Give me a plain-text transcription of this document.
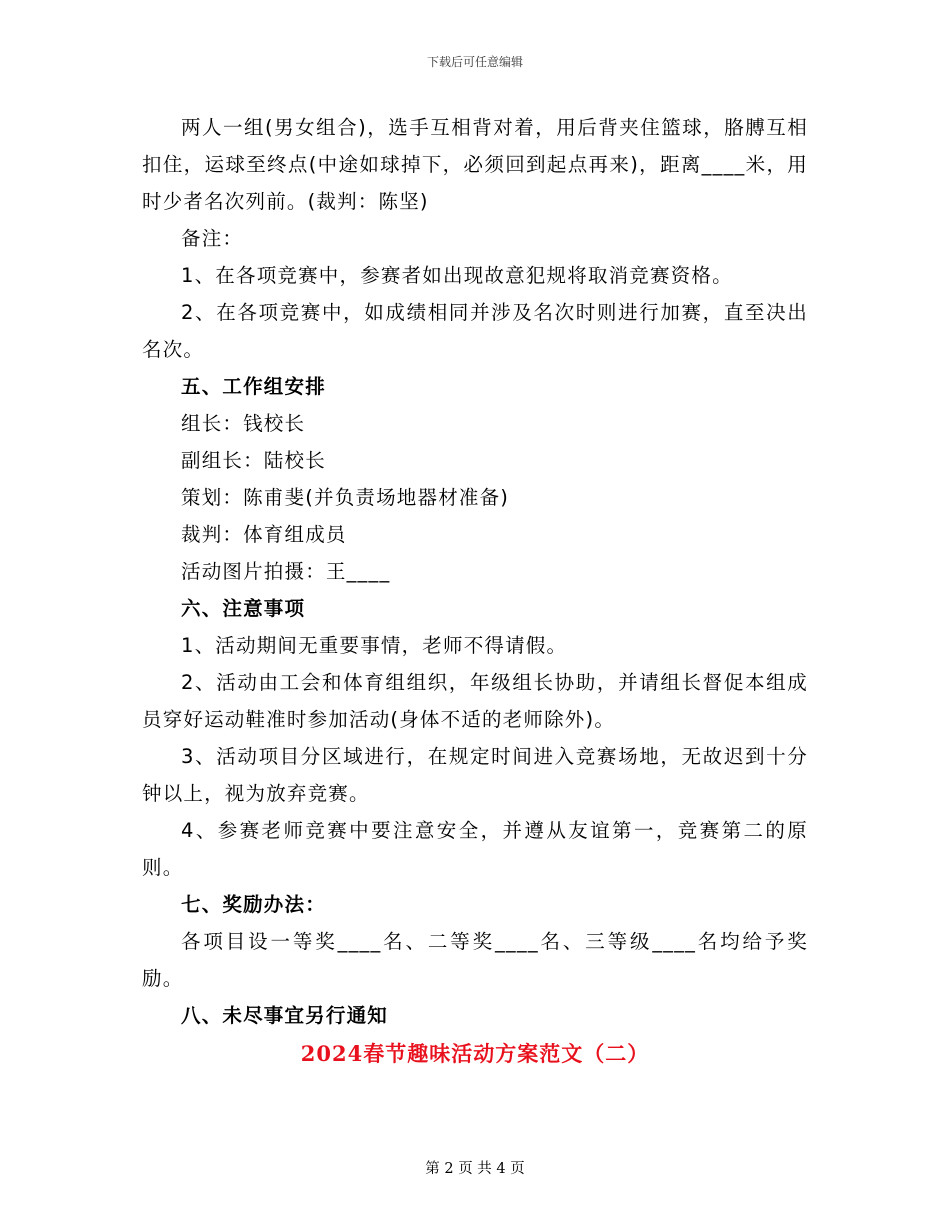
下载后可任意编辑

两人一组(男女组合)，选手互相背对着，用后背夹住篮球，胳膊互相扣住，运球至终点(中途如球掉下，必须回到起点再来)，距离____米，用时少者名次列前。(裁判：陈坚)

备注：

1、在各项竞赛中，参赛者如出现故意犯规将取消竞赛资格。

2、在各项竞赛中，如成绩相同并涉及名次时则进行加赛，直至决出名次。

五、工作组安排

组长：钱校长

副组长：陆校长

策划：陈甫斐(并负责场地器材准备)

裁判：体育组成员

活动图片拍摄：王____

六、注意事项

1、活动期间无重要事情，老师不得请假。

2、活动由工会和体育组组织，年级组长协助，并请组长督促本组成员穿好运动鞋准时参加活动(身体不适的老师除外)。

3、活动项目分区域进行，在规定时间进入竞赛场地，无故迟到十分钟以上，视为放弃竞赛。

4、参赛老师竞赛中要注意安全，并遵从友谊第一，竞赛第二的原则。

七、奖励办法：

各项目设一等奖____名、二等奖____名、三等级____名均给予奖励。

八、未尽事宜另行通知

2024春节趣味活动方案范文（二）

第 2 页 共 4 页
